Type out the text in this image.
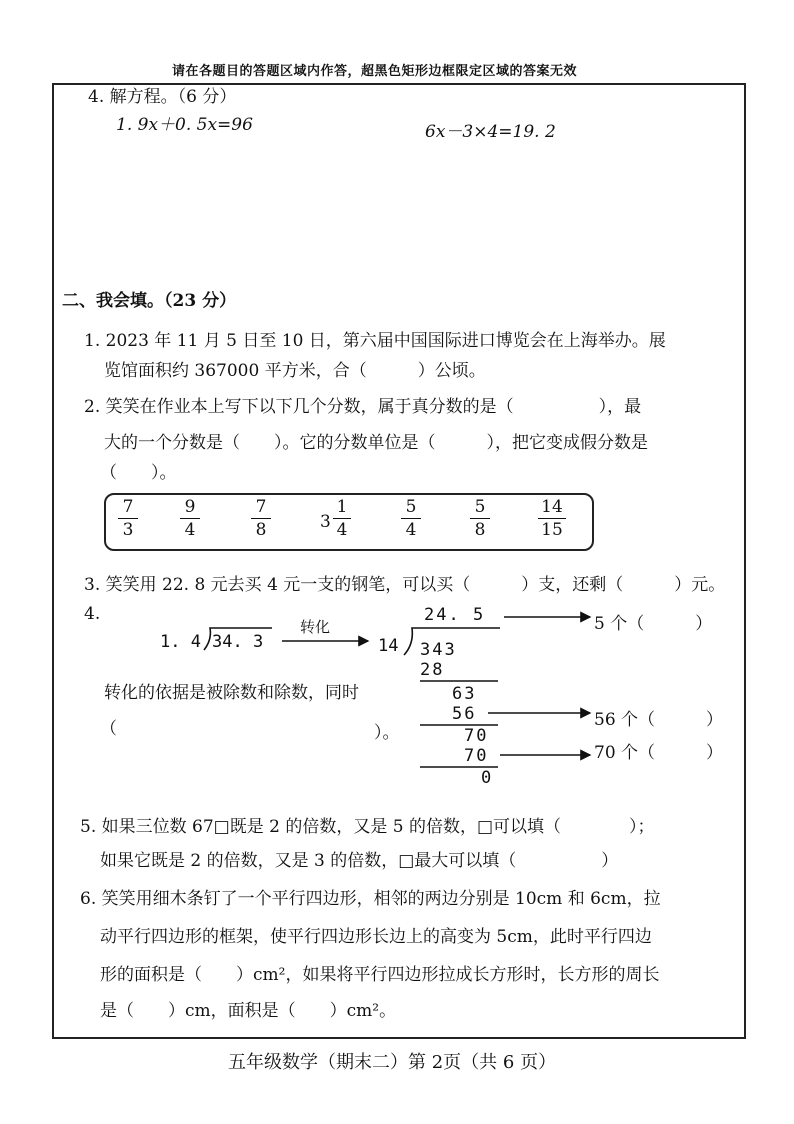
请在各题目的答题区域内作答，超黑色矩形边框限定区域的答案无效
4. 解方程。（6 分）
1. 9x＋0. 5x=96	6x－3×4=19. 2
二、我会填。（23 分）
1. 2023 年 11 月 5 日至 10 日，第六届中国国际进口博览会在上海举办。展
览馆面积约 367000 平方米，合（　　　）公顷。
2. 笑笑在作业本上写下以下几个分数，属于真分数的是（　　　　　），最
大的一个分数是（　　）。它的分数单位是（　　　），把它变成假分数是
（　　）。
7
3
9
4
7
8	3
1
4
5
4
5
8
14
15
3. 笑笑用 22. 8 元去买 4 元一支的钢笔，可以买（　　　）支，还剩（　　　）元。
4.
1. 4 34. 3
转化
14
24. 5
343
28
63
56
70
70
0
5 个（　　　）
56 个（　　　）
70 个（　　　）
转化的依据是被除数和除数，同时
（	）。
5. 如果三位数 67□既是 2 的倍数，又是 5 的倍数，□可以填（　　　　）；
如果它既是 2 的倍数，又是 3 的倍数，□最大可以填（　　　　　）
6. 笑笑用细木条钉了一个平行四边形，相邻的两边分别是 10cm 和 6cm，拉
动平行四边形的框架，使平行四边形长边上的高变为 5cm，此时平行四边
形的面积是（　　）cm²，如果将平行四边形拉成长方形时，长方形的周长
是（　　）cm，面积是（　　）cm²。
五年级数学（期末二）第 2页（共 6 页）
